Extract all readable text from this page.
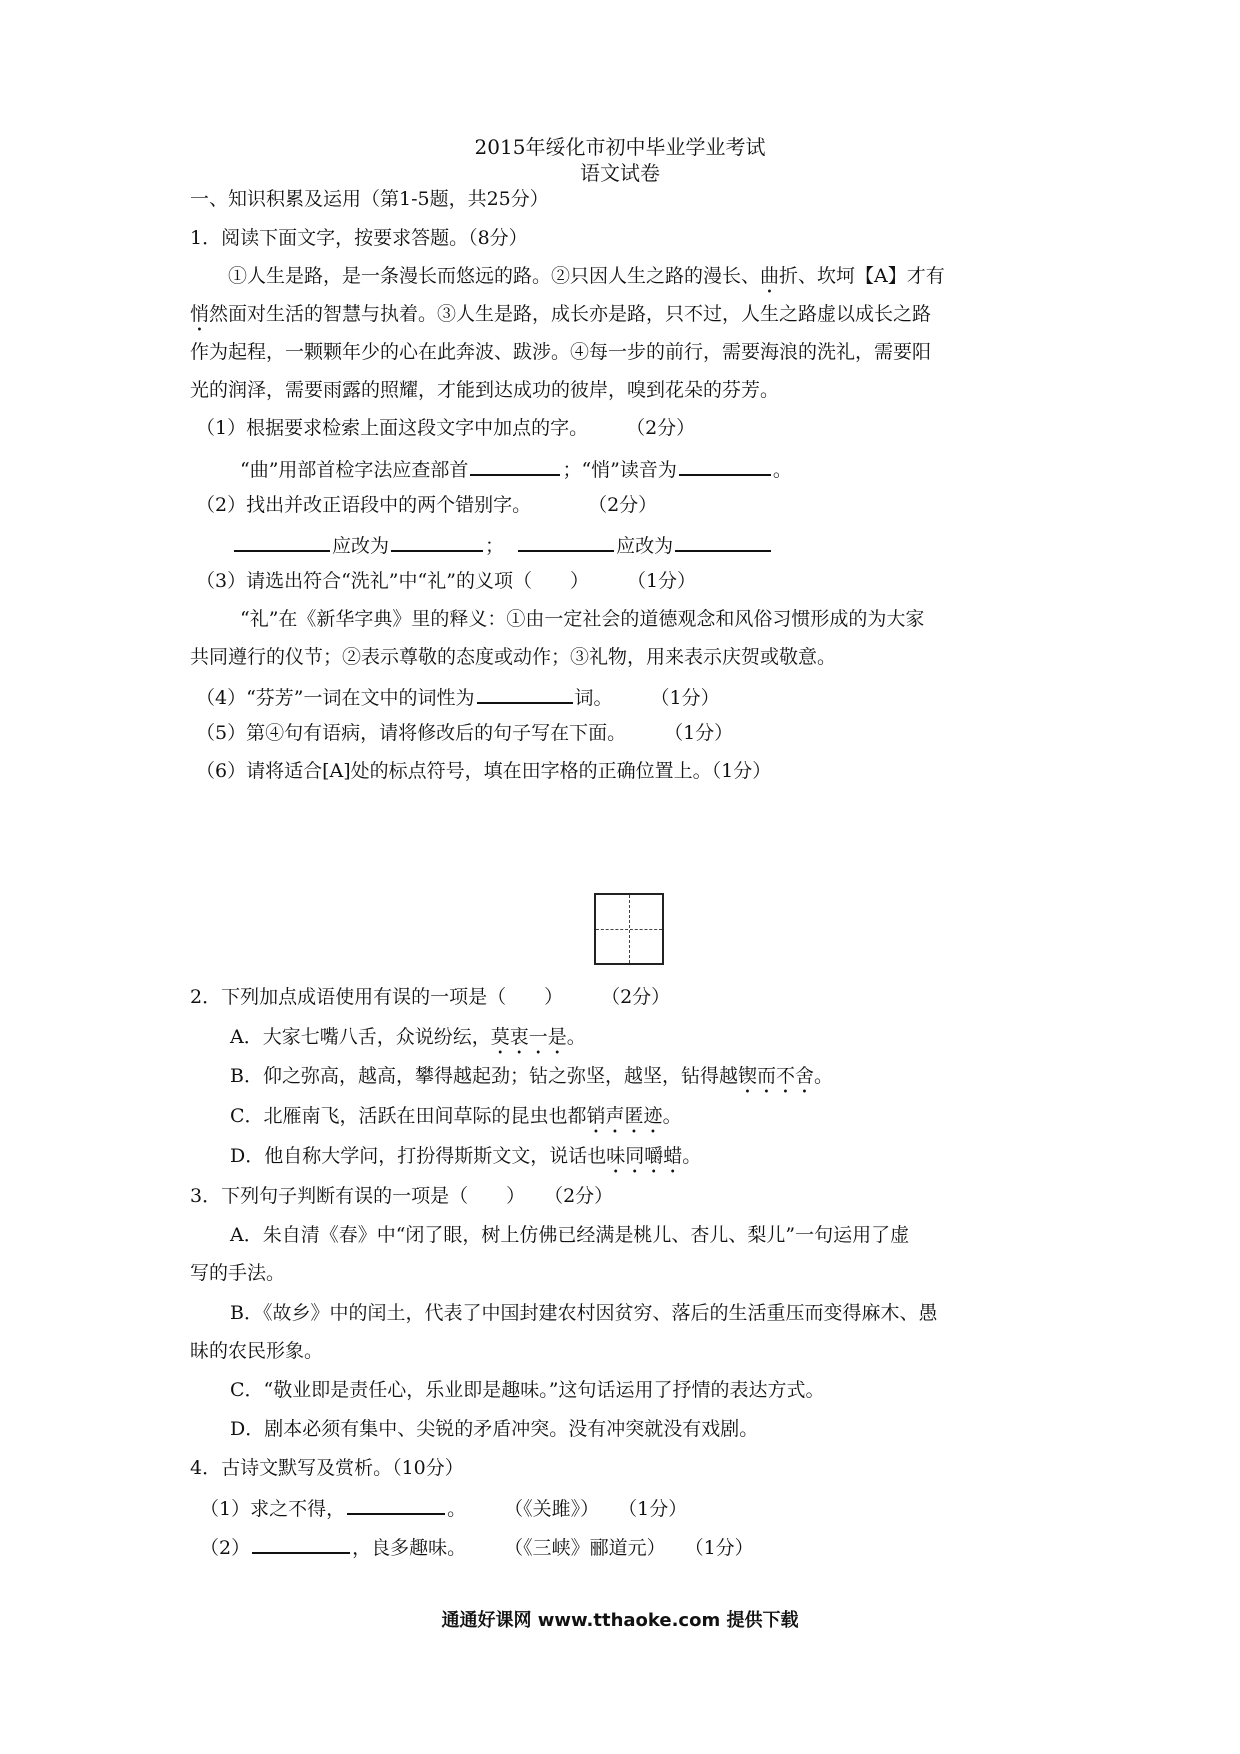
2015年绥化市初中毕业学业考试
语文试卷
一、知识积累及运用（第1-5题，共25分）
1．阅读下面文字，按要求答题。（8分）
①人生是路，是一条漫长而悠远的路。②只因人生之路的漫长、曲折、坎坷【A】才有
悄然面对生活的智慧与执着。③人生是路，成长亦是路，只不过，人生之路虚以成长之路
作为起程，一颗颗年少的心在此奔波、跋涉。④每一步的前行，需要海浪的洗礼，需要阳
光的润泽，需要雨露的照耀，才能到达成功的彼岸，嗅到花朵的芬芳。
（1）根据要求检索上面这段文字中加点的字。　　　（2分）
“曲”用部首检字法应查部首	；“悄”读音为	。
（2）找出并改正语段中的两个错别字。　　　　（2分）
应改为	；	应改为
（3）请选出符合“洗礼”中“礼”的义项（　　）　　　（1分）
“礼”在《新华字典》里的释义：①由一定社会的道德观念和风俗习惯形成的为大家
共同遵行的仪节；②表示尊敬的态度或动作；③礼物，用来表示庆贺或敬意。
（4）“芬芳”一词在文中的词性为	词。　　　（1分）
（5）第④句有语病，请将修改后的句子写在下面。　　　（1分）
（6）请将适合[A]处的标点符号，填在田字格的正确位置上。（1分）
2．下列加点成语使用有误的一项是（　　）　　　（2分）
A．大家七嘴八舌，众说纷纭，莫衷一是。
B．仰之弥高，越高，攀得越起劲；钻之弥坚，越坚，钻得越锲而不舍。
C．北雁南飞，活跃在田间草际的昆虫也都销声匿迹。
D．他自称大学问，打扮得斯斯文文，说话也味同嚼蜡。
3．下列句子判断有误的一项是（　　）　　（2分）
A．朱自清《春》中“闭了眼，树上仿佛已经满是桃儿、杏儿、梨儿”一句运用了虚
写的手法。
B．《故乡》中的闰土，代表了中国封建农村因贫穷、落后的生活重压而变得麻木、愚
昧的农民形象。
C．“敬业即是责任心，乐业即是趣味。”这句话运用了抒情的表达方式。
D．剧本必须有集中、尖锐的矛盾冲突。没有冲突就没有戏剧。
4．古诗文默写及赏析。（10分）
（1）求之不得，	。　　　（《关雎》）　　（1分）
（2）	，良多趣味。　　　（《三峡》郦道元）　　（1分）
通通好课网 www.tthaoke.com 提供下载
